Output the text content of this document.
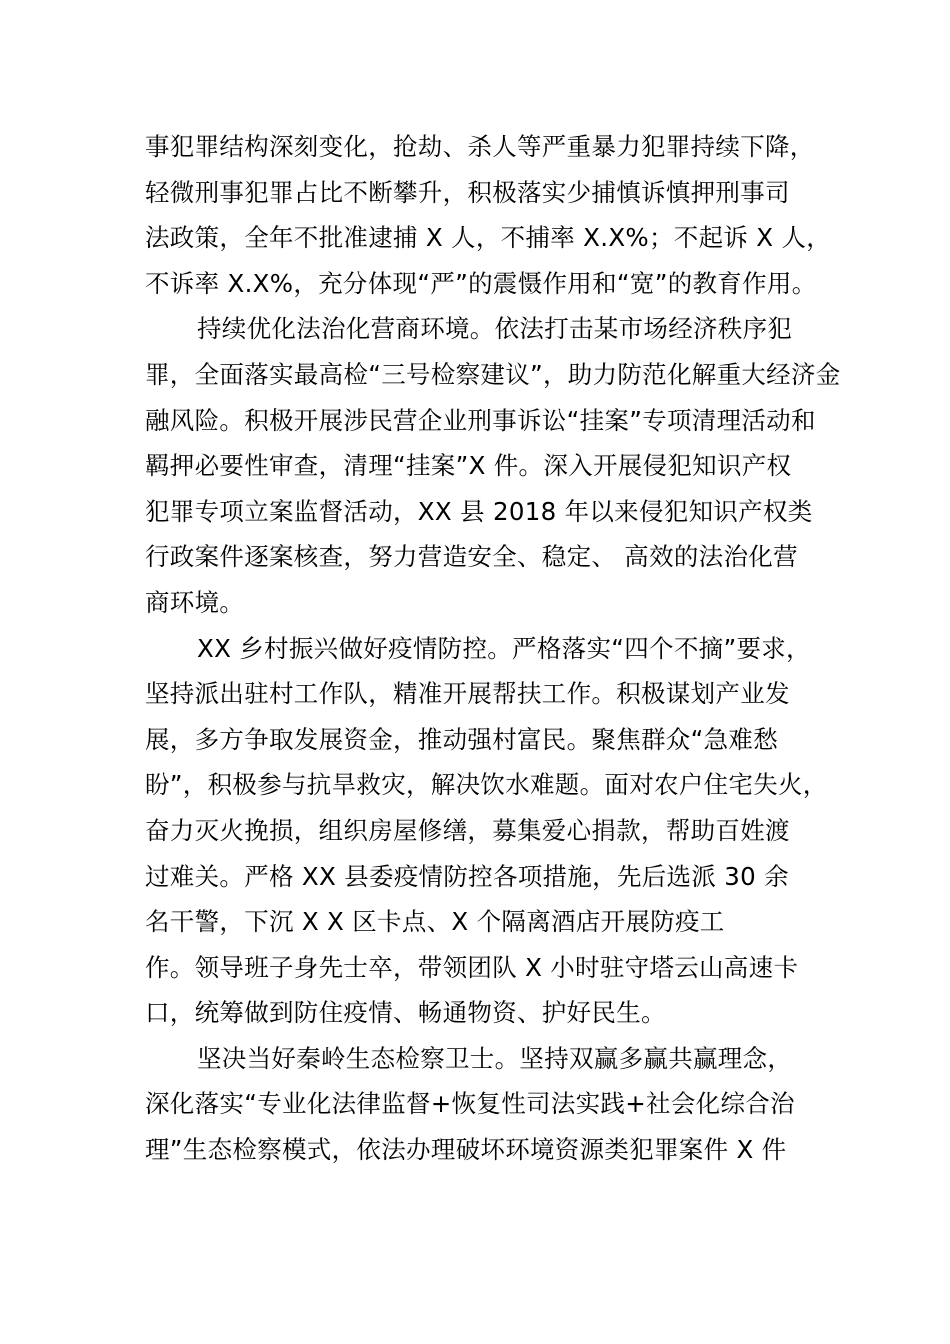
事犯罪结构深刻变化，抢劫、杀人等严重暴力犯罪持续下降，
轻微刑事犯罪占比不断攀升，积极落实少捕慎诉慎押刑事司
法政策，全年不批准逮捕 X 人，不捕率 X.X%；不起诉 X 人，
不诉率 X.X%，充分体现“严”的震慑作用和“宽”的教育作用。
持续优化法治化营商环境。依法打击某市场经济秩序犯
罪，全面落实最高检“三号检察建议”，助力防范化解重大经济金
融风险。积极开展涉民营企业刑事诉讼“挂案”专项清理活动和
羁押必要性审查，清理“挂案”X 件。深入开展侵犯知识产权
犯罪专项立案监督活动，XX 县 2018 年以来侵犯知识产权类
行政案件逐案核查，努力营造安全、稳定、 高效的法治化营
商环境。
XX 乡村振兴做好疫情防控。严格落实“四个不摘”要求，
坚持派出驻村工作队，精准开展帮扶工作。积极谋划产业发
展，多方争取发展资金，推动强村富民。聚焦群众“急难愁
盼”，积极参与抗旱救灾，解决饮水难题。面对农户住宅失火，
奋力灭火挽损，组织房屋修缮，募集爱心捐款，帮助百姓渡
过难关。严格 XX 县委疫情防控各项措施，先后选派 30 余
名干警，下沉 X X 区卡点、X 个隔离酒店开展防疫工
作。领导班子身先士卒，带领团队 X 小时驻守塔云山高速卡
口，统筹做到防住疫情、畅通物资、护好民生。
坚决当好秦岭生态检察卫士。坚持双赢多赢共赢理念，
深化落实“专业化法律监督+恢复性司法实践+社会化综合治
理”生态检察模式，依法办理破坏环境资源类犯罪案件 X 件
